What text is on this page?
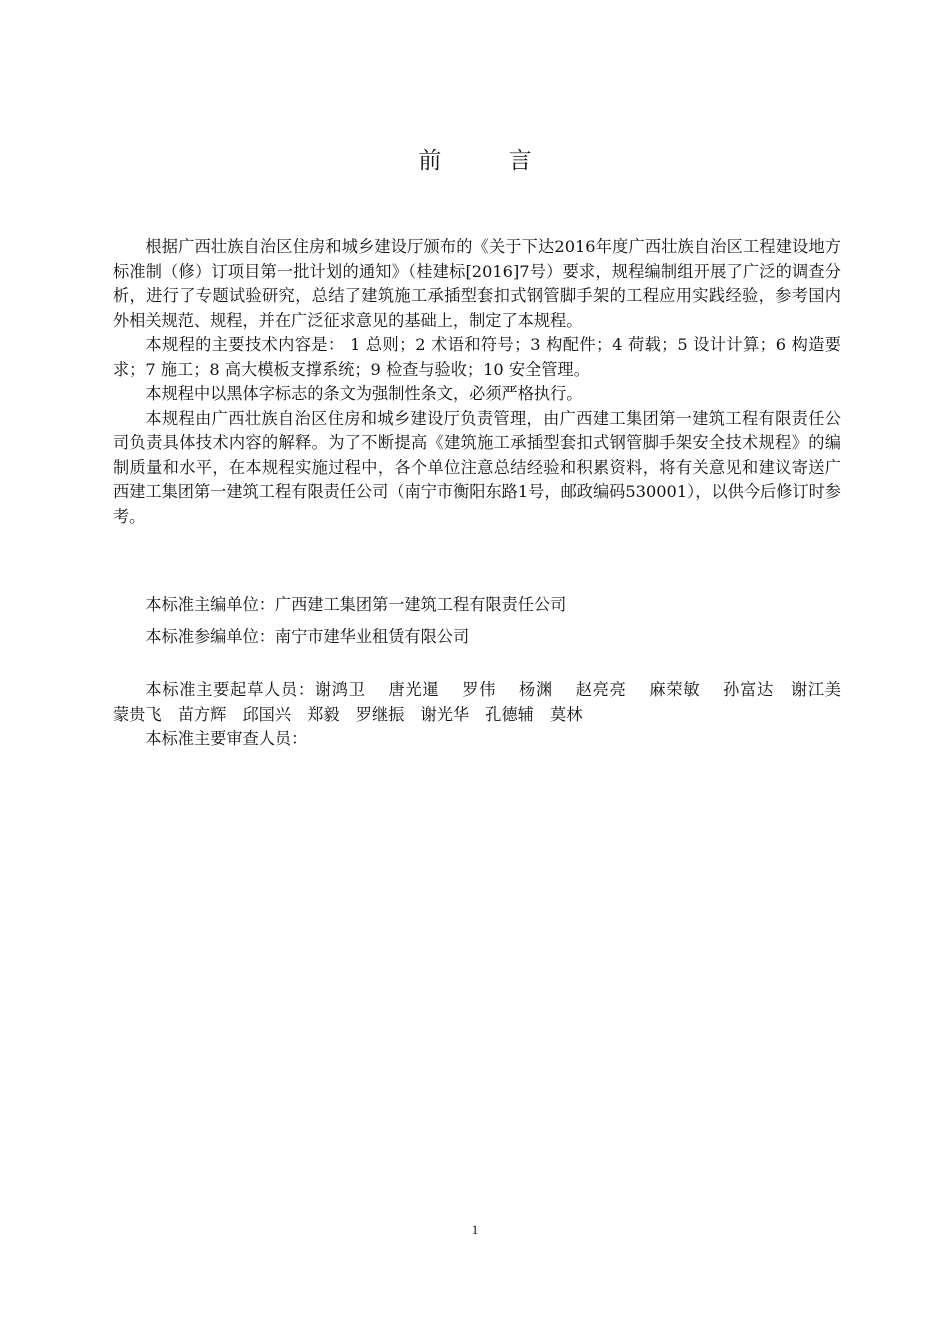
前 言

根据广西壮族自治区住房和城乡建设厅颁布的《关于下达2016年度广西壮族自治区工程建设地方标准制（修）订项目第一批计划的通知》（桂建标[2016]7号）要求，规程编制组开展了广泛的调查分析，进行了专题试验研究，总结了建筑施工承插型套扣式钢管脚手架的工程应用实践经验，参考国内外相关规范、规程，并在广泛征求意见的基础上，制定了本规程。

本规程的主要技术内容是： 1 总则；2 术语和符号；3 构配件；4 荷载；5 设计计算；6 构造要求；7 施工；8 高大模板支撑系统；9 检查与验收；10 安全管理。

本规程中以黑体字标志的条文为强制性条文，必须严格执行。

本规程由广西壮族自治区住房和城乡建设厅负责管理，由广西建工集团第一建筑工程有限责任公司负责具体技术内容的解释。为了不断提高《建筑施工承插型套扣式钢管脚手架安全技术规程》的编制质量和水平，在本规程实施过程中，各个单位注意总结经验和积累资料，将有关意见和建议寄送广西建工集团第一建筑工程有限责任公司（南宁市衡阳东路1号，邮政编码530001），以供今后修订时参考。

本标准主编单位：广西建工集团第一建筑工程有限责任公司

本标准参编单位：南宁市建华业租赁有限公司

本标准主要起草人员：谢鸿卫　 唐光暹　 罗伟　 杨渊　 赵亮亮　 麻荣敏　 孙富达　谢江美　　蒙贵飞　苗方辉　邱国兴　郑毅　罗继振　谢光华　孔德辅　莫林

本标准主要审查人员：

1
